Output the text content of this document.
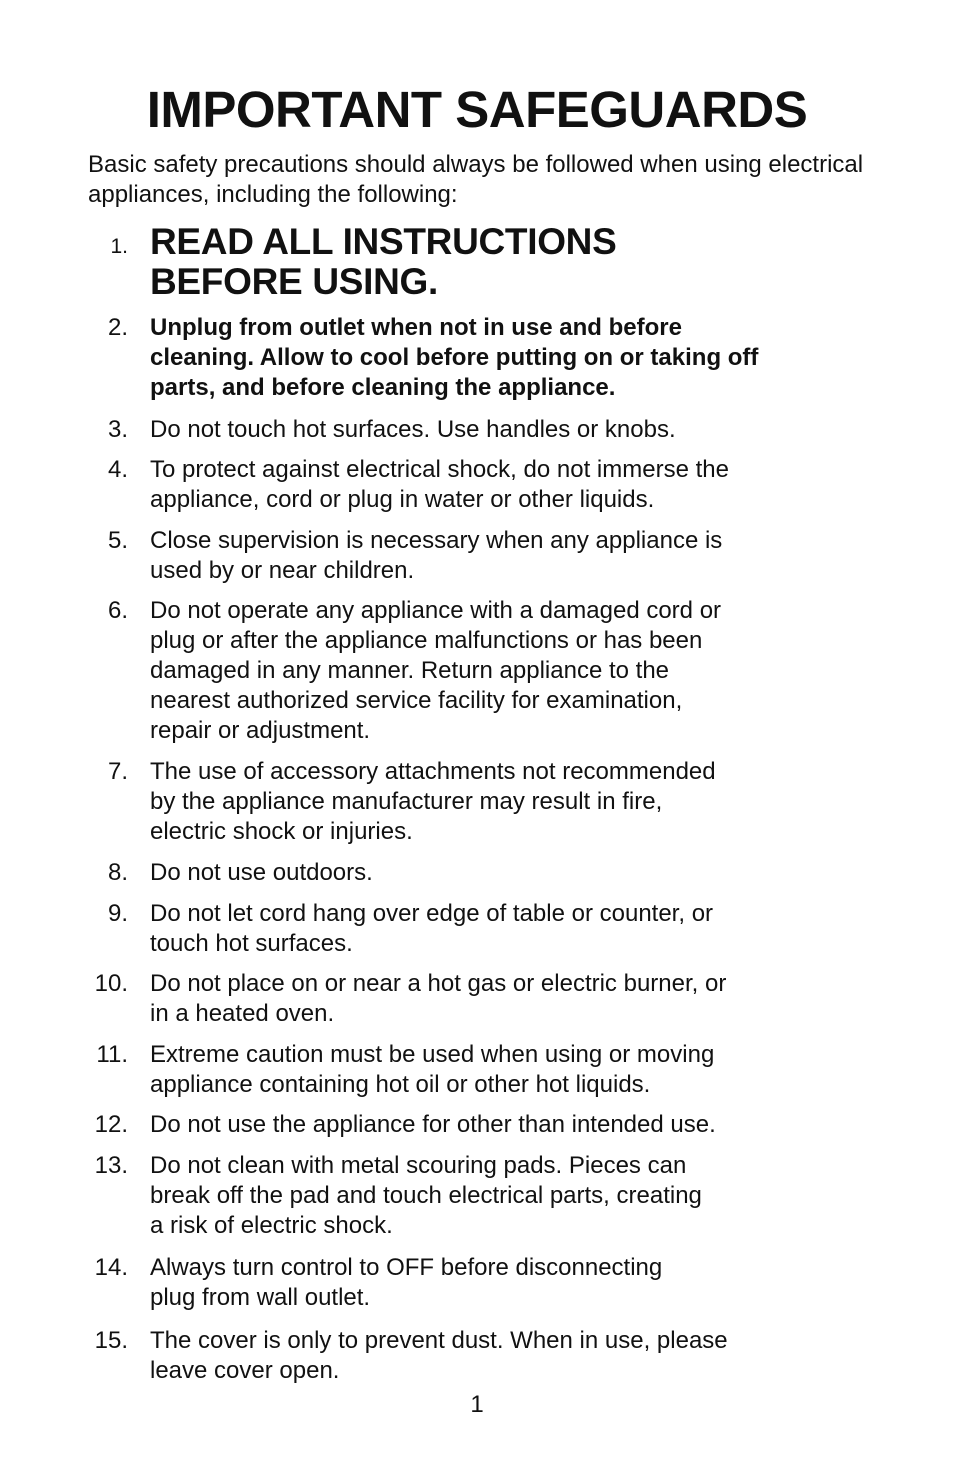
IMPORTANT SAFEGUARDS

Basic safety precautions should always be followed when using electrical appliances, including the following:

1. READ ALL INSTRUCTIONS
BEFORE USING.
2. Unplug from outlet when not in use and before
cleaning. Allow to cool before putting on or taking off
parts, and before cleaning the appliance.
3. Do not touch hot surfaces. Use handles or knobs.
4. To protect against electrical shock, do not immerse the
appliance, cord or plug in water or other liquids.
5. Close supervision is necessary when any appliance is
used by or near children.
6. Do not operate any appliance with a damaged cord or
plug or after the appliance malfunctions or has been
damaged in any manner. Return appliance to the
nearest authorized service facility for examination,
repair or adjustment.
7. The use of accessory attachments not recommended
by the appliance manufacturer may result in fire,
electric shock or injuries.
8. Do not use outdoors.
9. Do not let cord hang over edge of table or counter, or
touch hot surfaces.
10. Do not place on or near a hot gas or electric burner, or
in a heated oven.
11. Extreme caution must be used when using or moving
appliance containing hot oil or other hot liquids.
12. Do not use the appliance for other than intended use.
13. Do not clean with metal scouring pads. Pieces can
break off the pad and touch electrical parts, creating
a risk of electric shock.
14. Always turn control to OFF before disconnecting
plug from wall outlet.
15. The cover is only to prevent dust. When in use, please
leave cover open.
1
